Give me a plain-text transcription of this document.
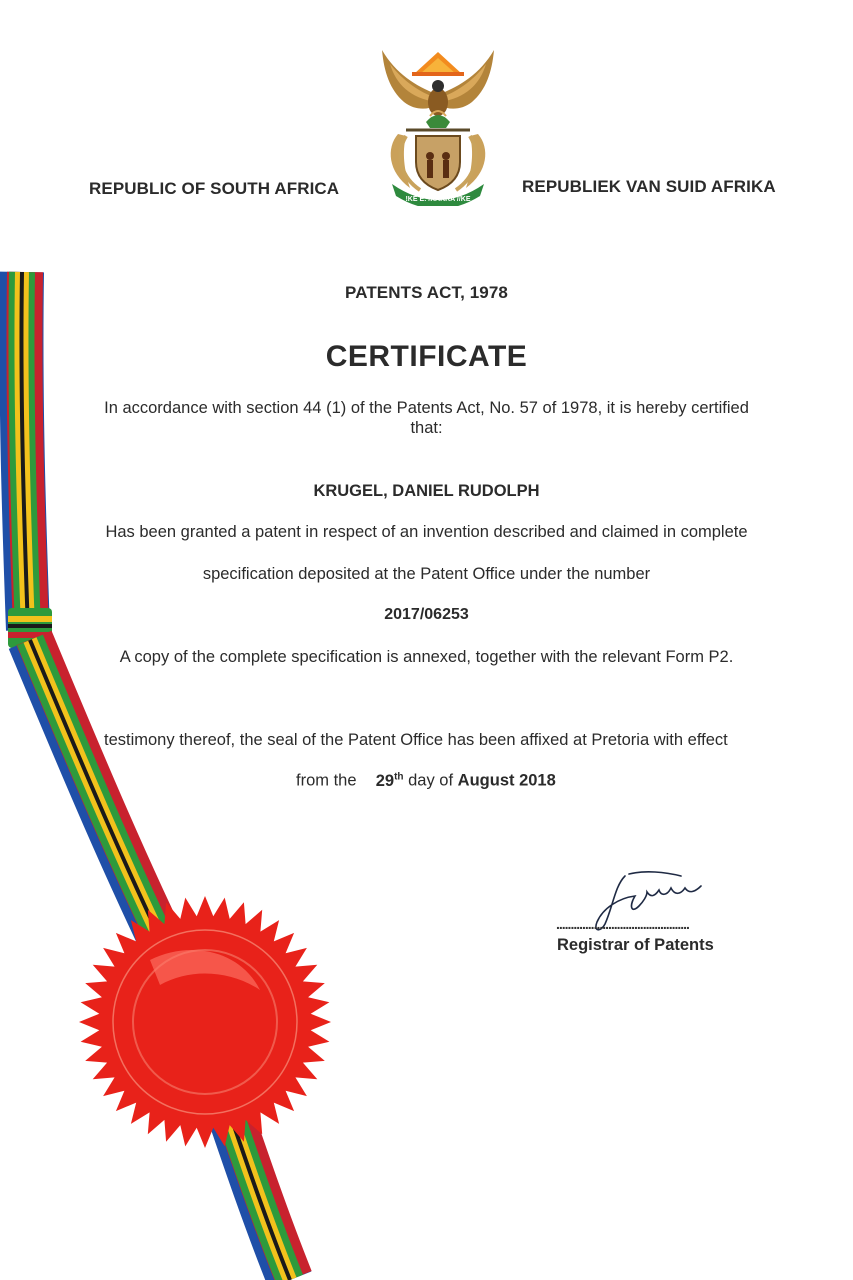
!KE E: /XARRA //KE
REPUBLIC OF SOUTH AFRICA	REPUBLIEK VAN SUID AFRIKA
PATENTS ACT, 1978
CERTIFICATE
In accordance with section 44 (1) of the Patents Act, No. 57 of 1978, it is hereby certified
that:
KRUGEL, DANIEL RUDOLPH
Has been granted a patent in respect of an invention described and claimed in complete
specification deposited at the Patent Office under the number
2017/06253
A copy of the complete specification is annexed, together with the relevant Form P2.
testimony thereof, the seal of the Patent Office has been affixed at Pretoria with effect
from the 29th day of August 2018
..............................................
Registrar of Patents
